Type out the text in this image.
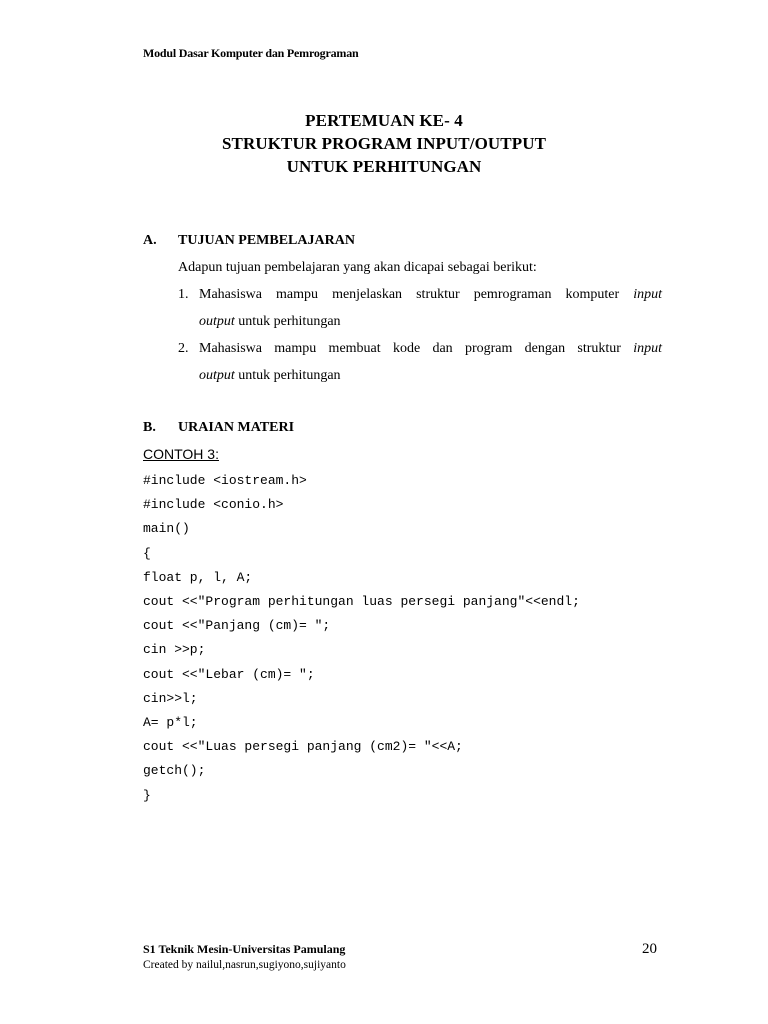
Modul Dasar Komputer dan Pemrograman
PERTEMUAN KE- 4
STRUKTUR PROGRAM INPUT/OUTPUT
UNTUK PERHITUNGAN
A. TUJUAN PEMBELAJARAN
Adapun tujuan pembelajaran yang akan dicapai sebagai berikut:
1. Mahasiswa mampu menjelaskan struktur pemrograman komputer input
output untuk perhitungan
2. Mahasiswa mampu membuat kode dan program dengan struktur input
output untuk perhitungan
B. URAIAN MATERI
CONTOH 3:
#include <iostream.h>
#include <conio.h>
main()
{
float p, l, A;
cout <<"Program perhitungan luas persegi panjang"<<endl;
cout <<"Panjang (cm)= ";
cin >>p;
cout <<"Lebar (cm)= ";
cin>>l;
A= p*l;
cout <<"Luas persegi panjang (cm2)= "<<A;
getch();
}
S1 Teknik Mesin-Universitas Pamulang
Created by nailul,nasrun,sugiyono,sujiyanto
20
